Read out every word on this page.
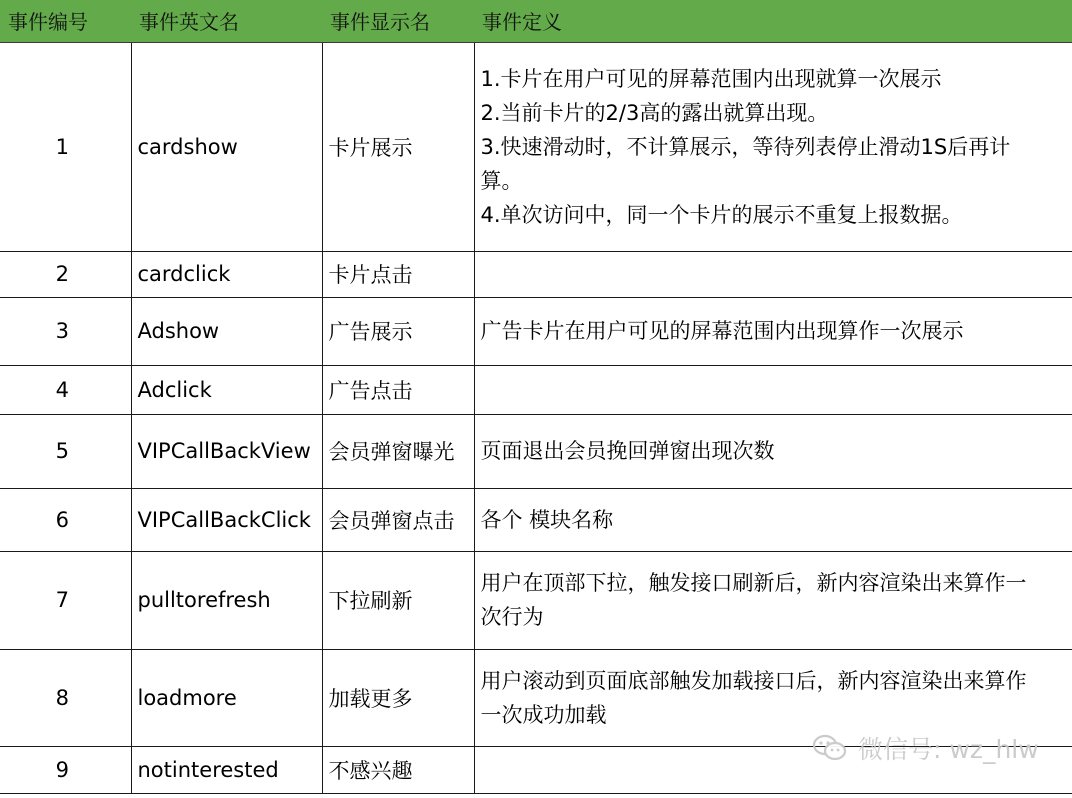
事件编号	事件英文名	事件显示名	事件定义
1	cardshow	卡片展示	1.卡片在用户可见的屏幕范围内出现就算一次展示
2.当前卡片的2/3高的露出就算出现。
3.快速滑动时，不计算展示，等待列表停止滑动1S后再计
算。
4.单次访问中，同一个卡片的展示不重复上报数据。

2	cardclick	卡片点击	
3	Adshow	广告展示	广告卡片在用户可见的屏幕范围内出现算作一次展示
4	Adclick	广告点击	
5	VIPCallBackView	会员弹窗曝光	页面退出会员挽回弹窗出现次数
6	VIPCallBackClick	会员弹窗点击	各个 模块名称
7	pulltorefresh	下拉刷新	用户在顶部下拉，触发接口刷新后，新内容渲染出来算作一
次行为

8	loadmore	加载更多	用户滚动到页面底部触发加载接口后，新内容渲染出来算作
一次成功加载

9	notinterested	不感兴趣	
微信号: wz_hlw
